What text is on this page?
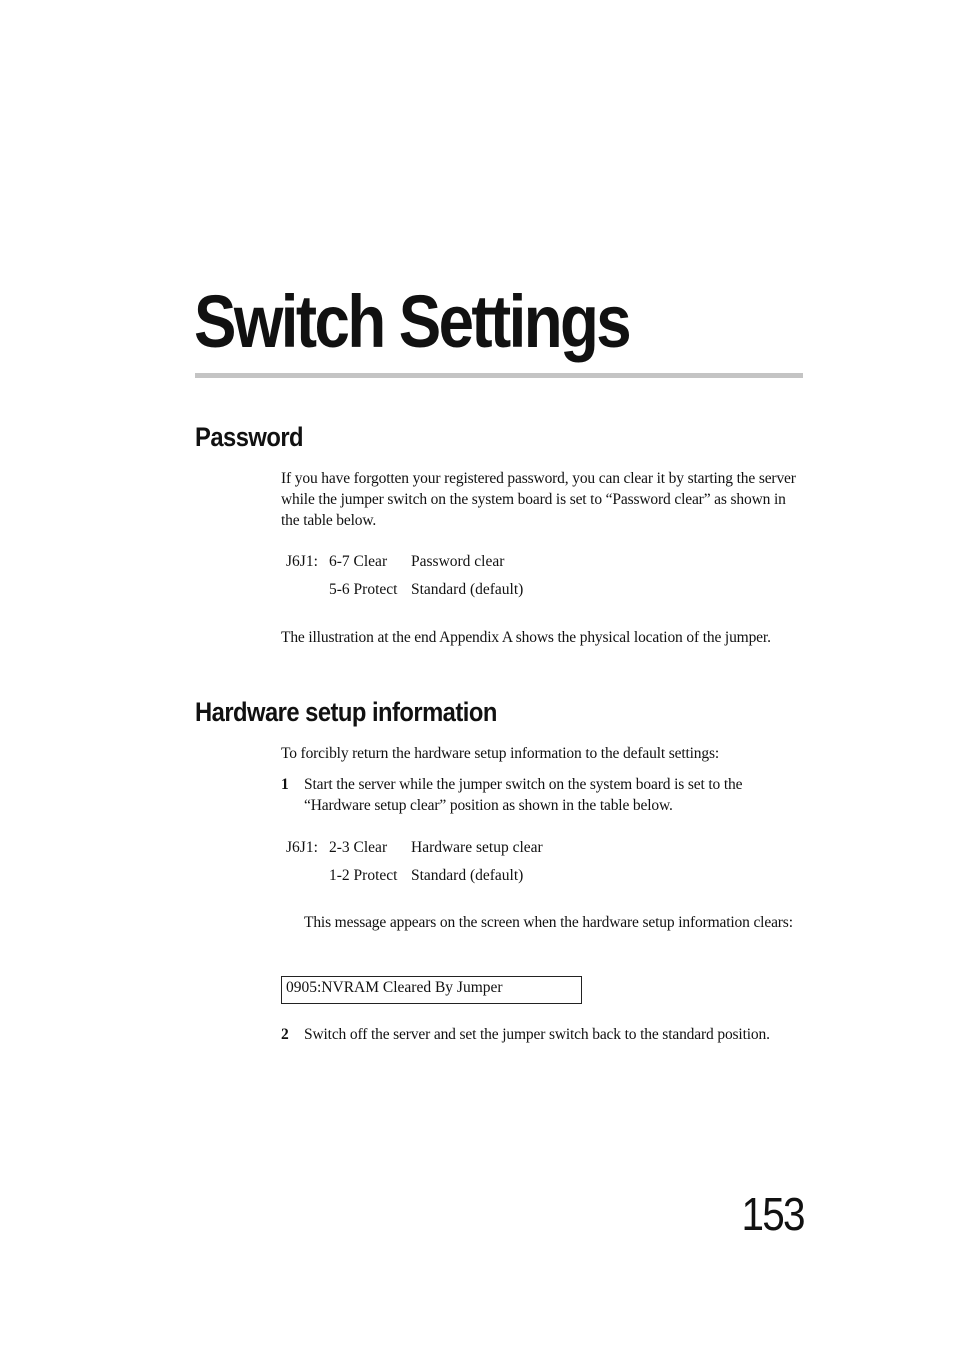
Switch Settings
Password

If you have forgotten your registered password, you can clear it by starting the server while the jumper switch on the system board is set to “Password clear” as shown in the table below.

J6J1:	6-7 Clear	Password clear
	5-6 Protect	Standard (default)

The illustration at the end Appendix A shows the physical location of the jumper.

Hardware setup information

To forcibly return the hardware setup information to the default settings:

1 Start the server while the jumper switch on the system board is set to the “Hardware setup clear” position as shown in the table below.

J6J1:	2-3 Clear	Hardware setup clear
	1-2 Protect	Standard (default)

This message appears on the screen when the hardware setup information clears:

0905:NVRAM Cleared By Jumper
2 Switch off the server and set the jumper switch back to the standard position.

153
